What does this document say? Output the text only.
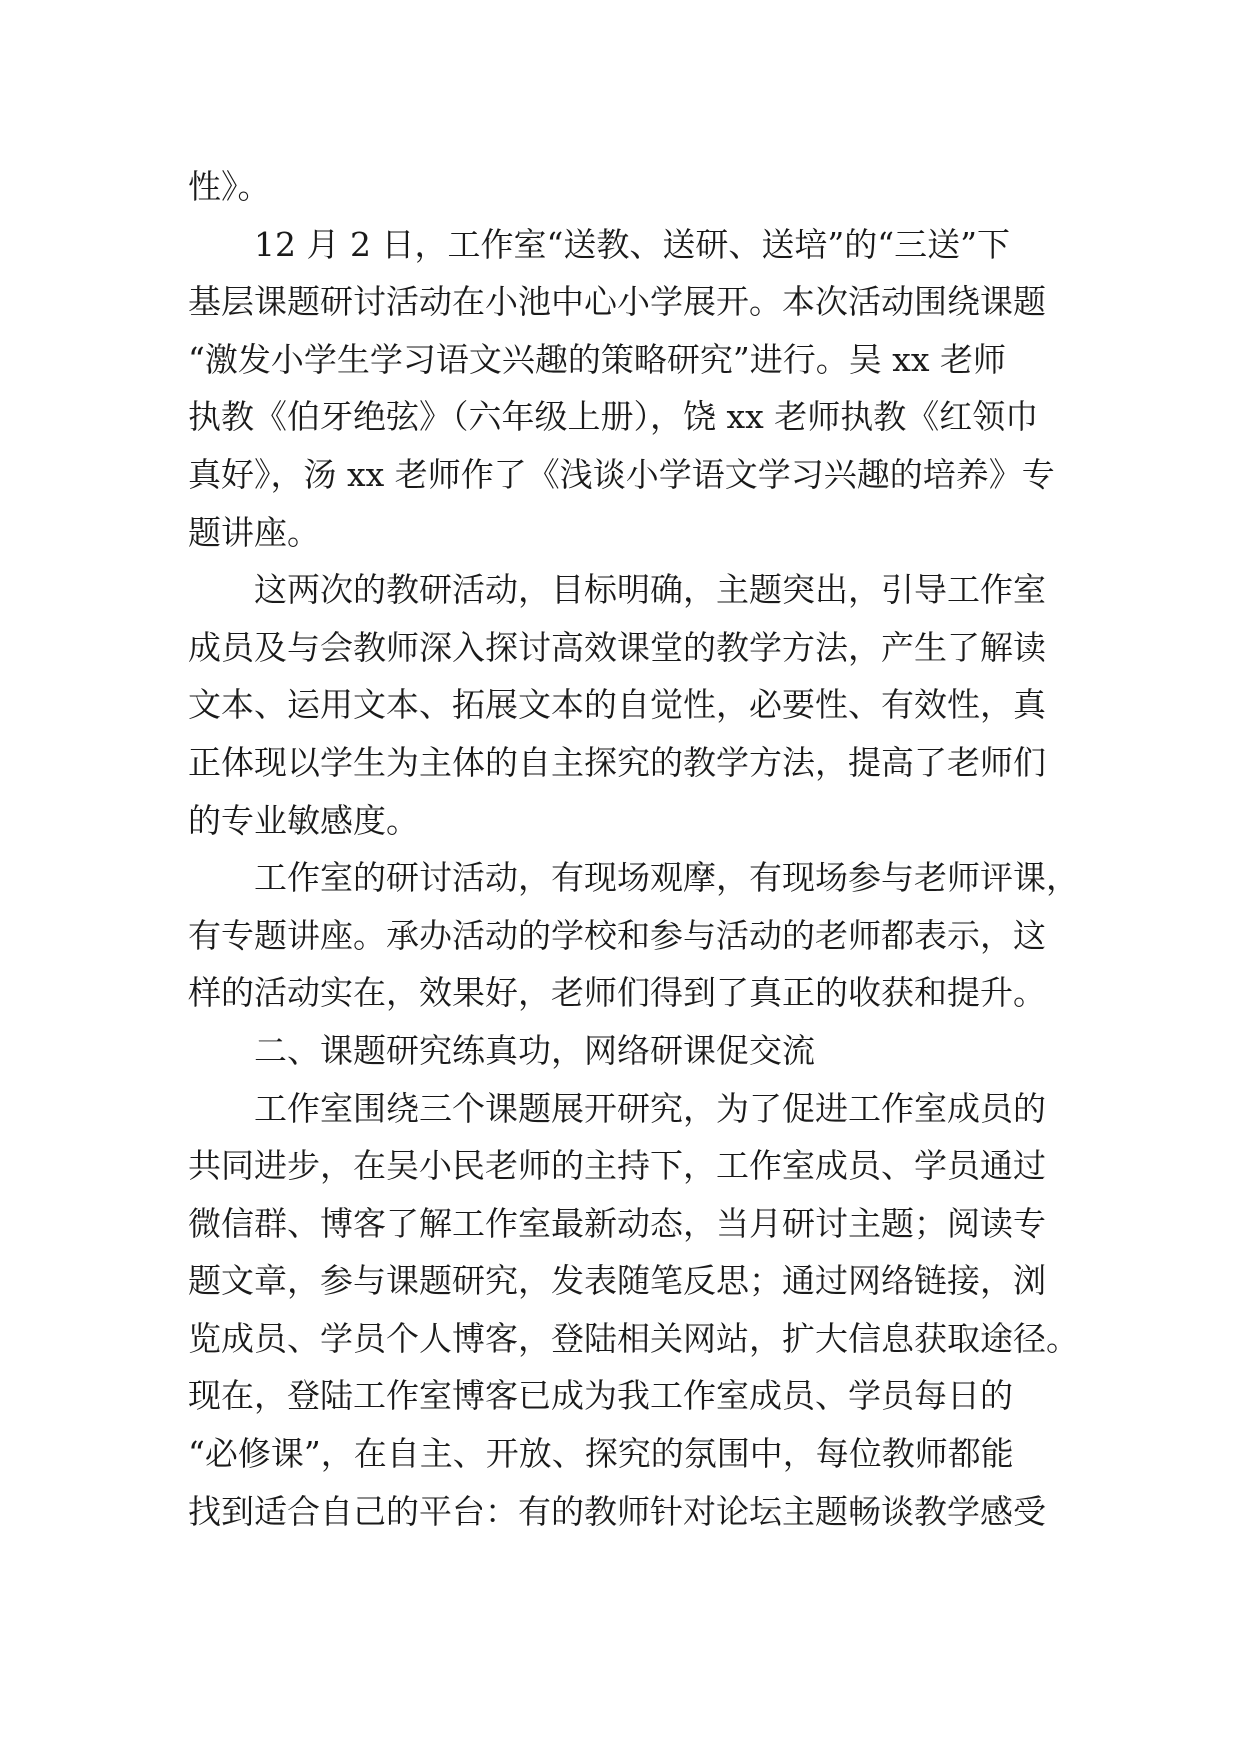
性》。
12 月 2 日，工作室“送教、送研、送培”的“三送”下
基层课题研讨活动在小池中心小学展开。本次活动围绕课题
“激发小学生学习语文兴趣的策略研究”进行。吴 xx 老师
执教《伯牙绝弦》（六年级上册），饶 xx 老师执教《红领巾
真好》，汤 xx 老师作了《浅谈小学语文学习兴趣的培养》专
题讲座。
这两次的教研活动，目标明确，主题突出，引导工作室
成员及与会教师深入探讨高效课堂的教学方法，产生了解读
文本、运用文本、拓展文本的自觉性，必要性、有效性，真
正体现以学生为主体的自主探究的教学方法，提高了老师们
的专业敏感度。
工作室的研讨活动，有现场观摩，有现场参与老师评课，
有专题讲座。承办活动的学校和参与活动的老师都表示，这
样的活动实在，效果好，老师们得到了真正的收获和提升。
二、课题研究练真功，网络研课促交流
工作室围绕三个课题展开研究，为了促进工作室成员的
共同进步，在吴小民老师的主持下，工作室成员、学员通过
微信群、博客了解工作室最新动态，当月研讨主题；阅读专
题文章，参与课题研究，发表随笔反思；通过网络链接，浏
览成员、学员个人博客，登陆相关网站，扩大信息获取途径。
现在，登陆工作室博客已成为我工作室成员、学员每日的
“必修课”，在自主、开放、探究的氛围中，每位教师都能
找到适合自己的平台：有的教师针对论坛主题畅谈教学感受
